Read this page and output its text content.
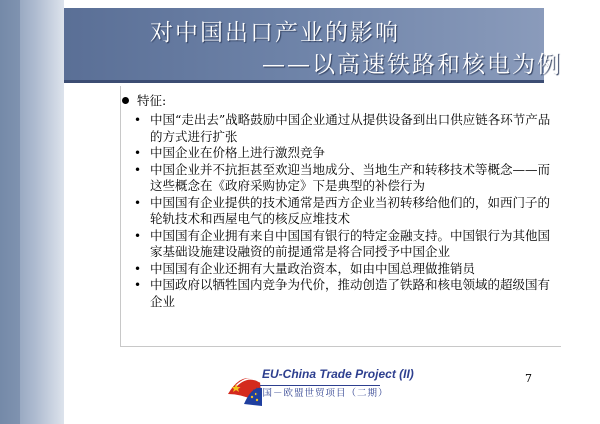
对中国出口产业的影响
——以高速铁路和核电为例
特征:
• 中国“走出去”战略鼓励中国企业通过从提供设备到出口供应链各环节产品的方式进行扩张
• 中国企业在价格上进行激烈竞争
• 中国企业并不抗拒甚至欢迎当地成分、当地生产和转移技术等概念——而这些概念在《政府采购协定》下是典型的补偿行为
• 中国国有企业提供的技术通常是西方企业当初转移给他们的，如西门子的轮轨技术和西屋电气的核反应堆技术
• 中国国有企业拥有来自中国国有银行的特定金融支持。中国银行为其他国家基础设施建设融资的前提通常是将合同授予中国企业
• 中国国有企业还拥有大量政治资本，如由中国总理做推销员
• 中国政府以牺牲国内竞争为代价，推动创造了铁路和核电领域的超级国有企业
EU-China Trade Project (II)
中国－欧盟世贸项目（二期）
7
